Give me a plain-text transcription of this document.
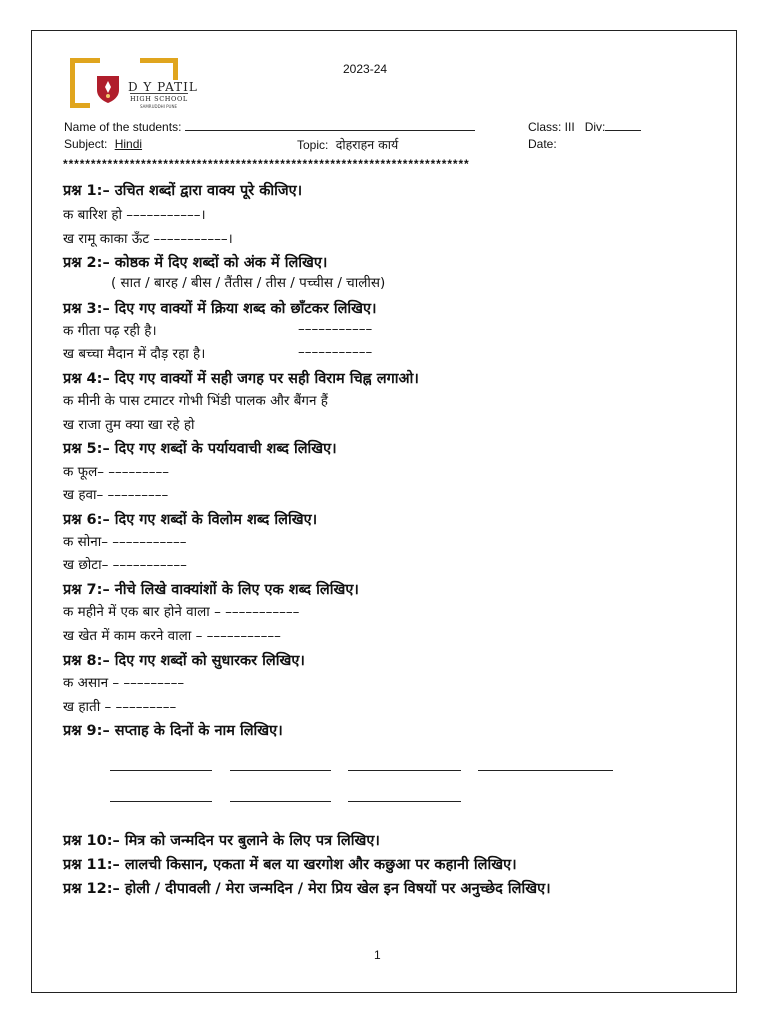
D Y PATIL
HIGH SCHOOL
SAMRUDDHI PUNE
2023-24
Name of the students:	Class: III Div:
Subject: Hindi	Topic: दोहराहन कार्य	Date:
*************************************************************************
प्रश्न 1:– उचित शब्दों द्वारा वाक्य पूरे कीजिए।
क बारिश हो –––––––––––।
ख रामू काका ऊँट –––––––––––।
प्रश्न 2:– कोष्ठक में दिए शब्दों को अंक में लिखिए।
( सात / बारह / बीस / तैंतीस / तीस / पच्चीस / चालीस)
प्रश्न 3:– दिए गए वाक्यों में क्रिया शब्द को छाँटकर लिखिए।
क गीता पढ़ रही है।	–––––––––––
ख बच्चा मैदान में दौड़ रहा है।	–––––––––––
प्रश्न 4:– दिए गए वाक्यों में सही जगह पर सही विराम चिह्न लगाओ।
क मीनी के पास टमाटर गोभी भिंडी पालक और बैंगन हैं
ख राजा तुम क्या खा रहे हो
प्रश्न 5:– दिए गए शब्दों के पर्यायवाची शब्द लिखिए।
क फूल– –––––––––
ख हवा– –––––––––
प्रश्न 6:– दिए गए शब्दों के विलोम शब्द लिखिए।
क सोना– –––––––––––
ख छोटा– –––––––––––
प्रश्न 7:– नीचे लिखे वाक्यांशों के लिए एक शब्द लिखिए।
क महीने में एक बार होने वाला – –––––––––––
ख खेत में काम करने वाला – –––––––––––
प्रश्न 8:– दिए गए शब्दों को सुधारकर लिखिए।
क असान – –––––––––
ख हाती – –––––––––
प्रश्न 9:– सप्ताह के दिनों के नाम लिखिए।
प्रश्न 10:– मित्र को जन्मदिन पर बुलाने के लिए पत्र लिखिए।
प्रश्न 11:– लालची किसान, एकता में बल या खरगोश और कछुआ पर कहानी लिखिए।
प्रश्न 12:– होली / दीपावली / मेरा जन्मदिन / मेरा प्रिय खेल इन विषयों पर अनुच्छेद लिखिए।
1
